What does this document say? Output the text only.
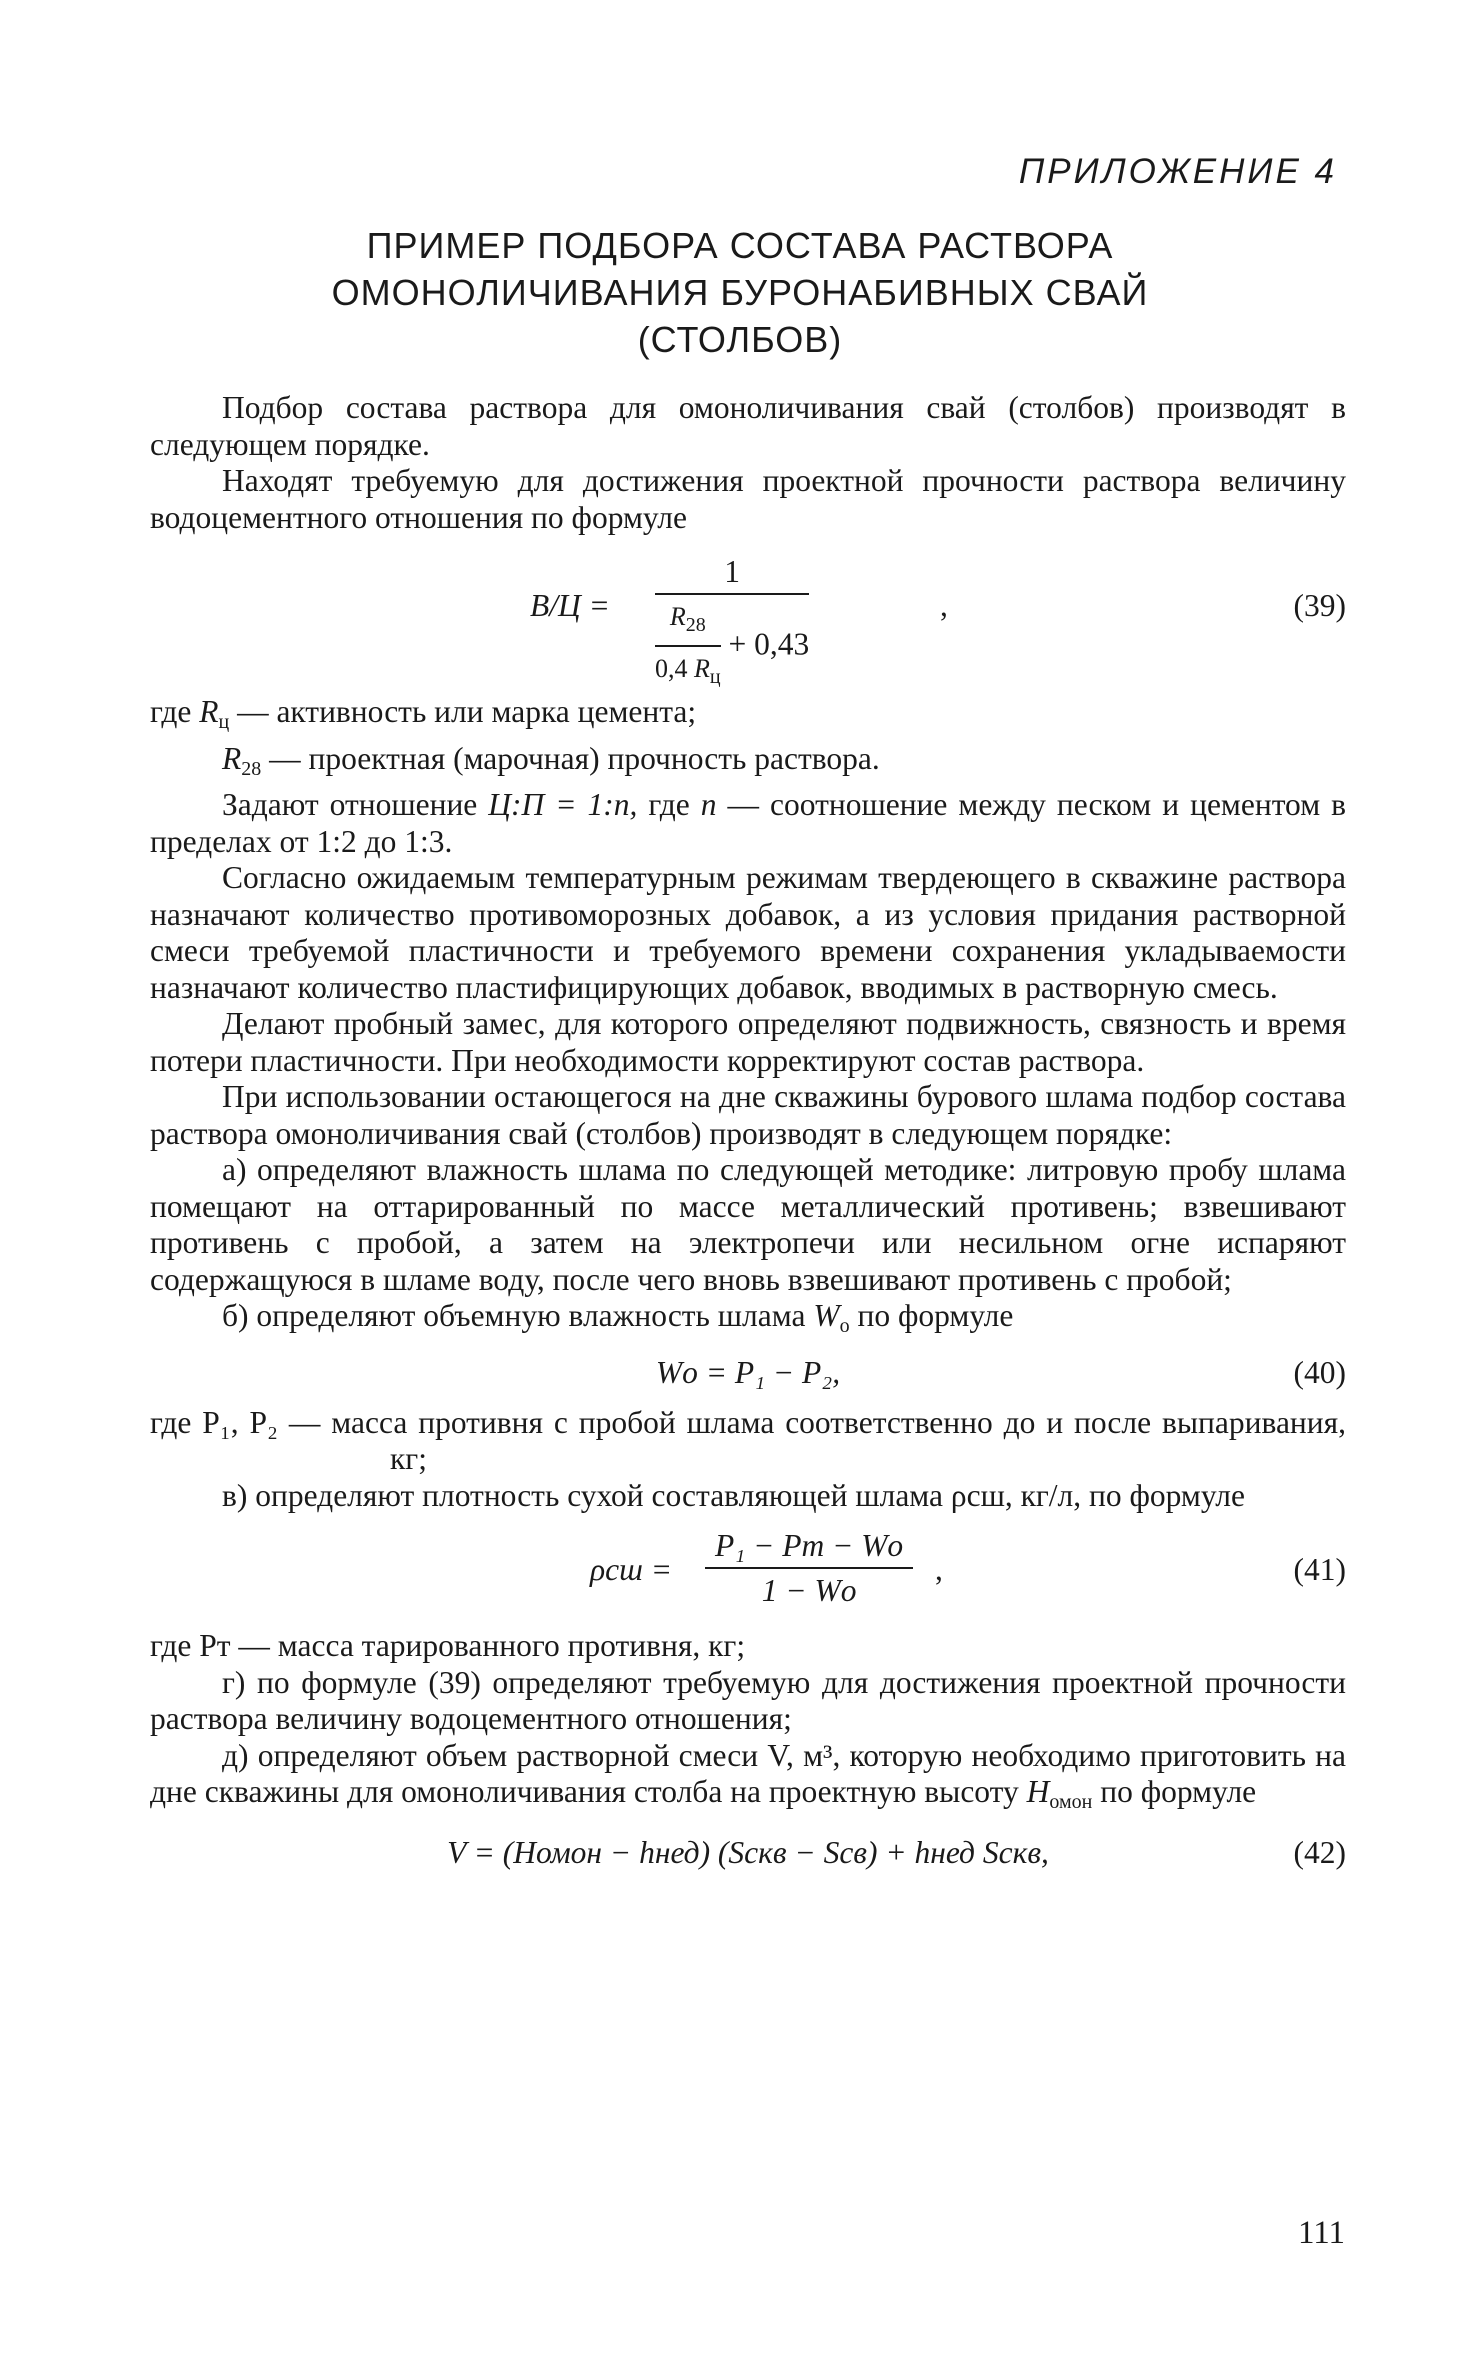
ПРИЛОЖЕНИЕ 4
ПРИМЕР ПОДБОРА СОСТАВА РАСТВОРА
ОМОНОЛИЧИВАНИЯ БУРОНАБИВНЫХ СВАЙ
(СТОЛБОВ)

Подбор состава раствора для омоноличивания свай (столбов) производят в следующем порядке.

Находят требуемую для достижения проектной прочности раствора величину водоцементного отношения по формуле

В/Ц =
1
$\frac{R_{28}}{0,4 R_ц} + 0,43$
,	(39)

где $R_ц$ — активность или марка цемента;

$R_{28}$ — проектная (марочная) прочность раствора.

Задают отношение Ц:П = 1:n, где n — соотношение между песком и цементом в пределах от 1:2 до 1:3.

Согласно ожидаемым температурным режимам твердеющего в скважине раствора назначают количество противоморозных добавок, а из условия придания растворной смеси требуемой пластичности и требуемого времени сохранения укладываемости назначают количество пластифицирующих добавок, вводимых в растворную смесь.

Делают пробный замес, для которого определяют подвижность, связность и время потери пластичности. При необходимости корректируют состав раствора.

При использовании остающегося на дне скважины бурового шлама подбор состава раствора омоноличивания свай (столбов) производят в следующем порядке:

а) определяют влажность шлама по следующей методике: литровую пробу шлама помещают на оттарированный по массе металлический противень; взвешивают противень с пробой, а затем на электропечи или несильном огне испаряют содержащуюся в шламе воду, после чего вновь взвешивают противень с пробой;

б) определяют объемную влажность шлама $W_о$ по формуле

Wо = P₁ − P₂,	(40)

где P₁, P₂ — масса противня с пробой шлама соответственно до и после выпаривания, кг;

в) определяют плотность сухой составляющей шлама ρсш, кг/л, по формуле

ρсш =
P₁ − Pт − Wо
1 − Wо
,	(41)

где Pт — масса тарированного противня, кг;

г) по формуле (39) определяют требуемую для достижения проектной прочности раствора величину водоцементного отношения;

д) определяют объем растворной смеси V, м³, которую необходимо приготовить на дне скважины для омоноличивания столба на проектную высоту $H_{омон}$ по формуле

V = (Hомон − hнед) (Sскв − Sсв) + hнед Sскв,	(42)
111
